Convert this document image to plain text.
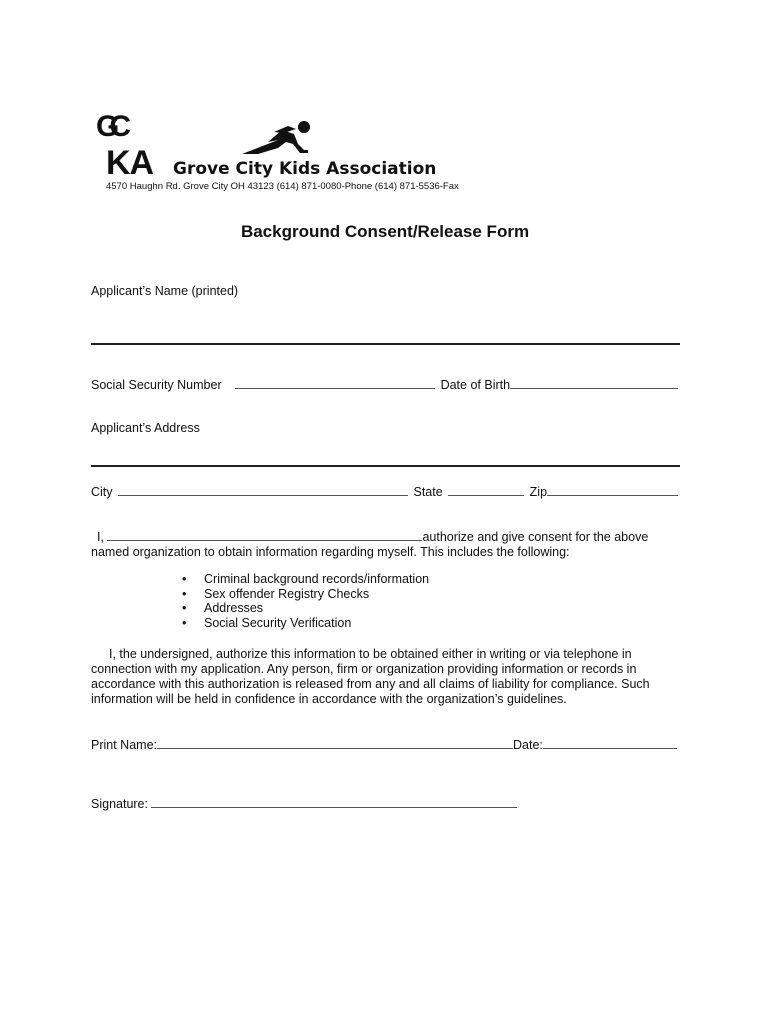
GC
KA Grove City Kids Association
4570 Haughn Rd. Grove City OH 43123 (614) 871-0080-Phone (614) 871-5536-Fax
Background Consent/Release Form
Applicant’s Name (printed)
Social Security Number	Date of Birth
Applicant’s Address
City	State	Zip
I,	authorize and give consent for the above
named organization to obtain information regarding myself. This includes the following:
• Criminal background records/information
• Sex offender Registry Checks
• Addresses
• Social Security Verification
I, the undersigned, authorize this information to be obtained either in writing or via telephone in
connection with my application. Any person, firm or organization providing information or records in
accordance with this authorization is released from any and all claims of liability for compliance. Such
information will be held in confidence in accordance with the organization’s guidelines.
Print Name:	Date:
Signature:
